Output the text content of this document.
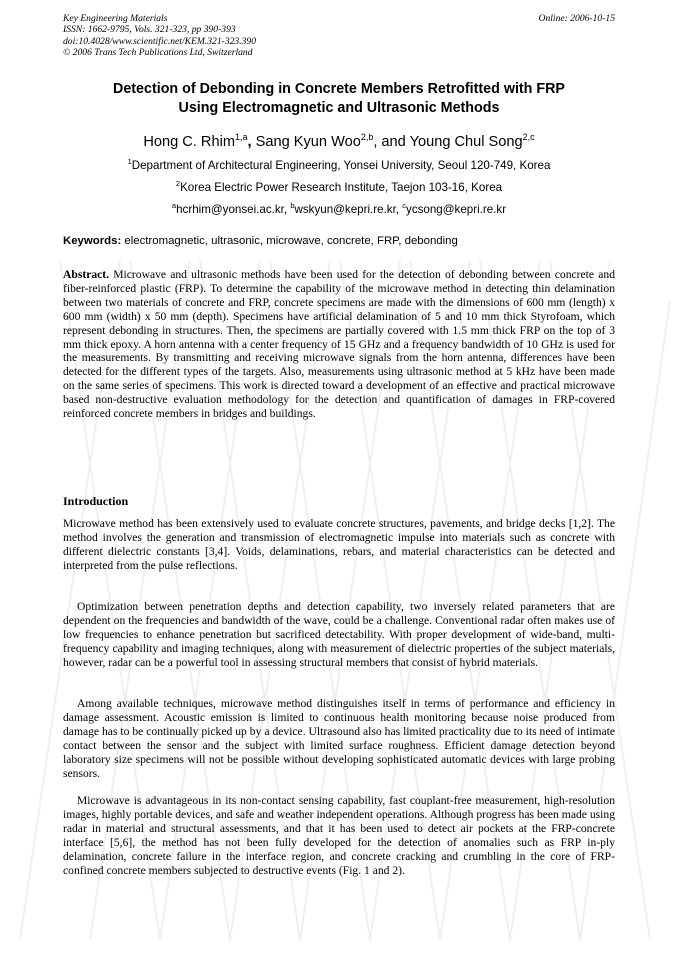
Key Engineering Materials
ISSN: 1662-9795, Vols. 321-323, pp 390-393
doi:10.4028/www.scientific.net/KEM.321-323.390
© 2006 Trans Tech Publications Ltd, Switzerland
Online: 2006-10-15
Detection of Debonding in Concrete Members Retrofitted with FRP
Using Electromagnetic and Ultrasonic Methods
Hong C. Rhim$^{1,a}$, Sang Kyun Woo$^{2,b}$, and Young Chul Song$^{2,c}$
$^1$Department of Architectural Engineering, Yonsei University, Seoul 120-749, Korea
$^2$Korea Electric Power Research Institute, Taejon 103-16, Korea
$^a$hcrhim@yonsei.ac.kr, $^b$wskyun@kepri.re.kr, $^c$ycsong@kepri.re.kr
Keywords: electromagnetic, ultrasonic, microwave, concrete, FRP, debonding
Abstract. Microwave and ultrasonic methods have been used for the detection of debonding between concrete and fiber-reinforced plastic (FRP). To determine the capability of the microwave method in detecting thin delamination between two materials of concrete and FRP, concrete specimens are made with the dimensions of 600 mm (length) x 600 mm (width) x 50 mm (depth). Specimens have artificial delamination of 5 and 10 mm thick Styrofoam, which represent debonding in structures. Then, the specimens are partially covered with 1.5 mm thick FRP on the top of 3 mm thick epoxy. A horn antenna with a center frequency of 15 GHz and a frequency bandwidth of 10 GHz is used for the measurements. By transmitting and receiving microwave signals from the horn antenna, differences have been detected for the different types of the targets. Also, measurements using ultrasonic method at 5 kHz have been made on the same series of specimens. This work is directed toward a development of an effective and practical microwave based non-destructive evaluation methodology for the detection and quantification of damages in FRP-covered reinforced concrete members in bridges and buildings.
Introduction
Microwave method has been extensively used to evaluate concrete structures, pavements, and bridge decks [1,2]. The method involves the generation and transmission of electromagnetic impulse into materials such as concrete with different dielectric constants [3,4]. Voids, delaminations, rebars, and material characteristics can be detected and interpreted from the pulse reflections.
Optimization between penetration depths and detection capability, two inversely related parameters that are dependent on the frequencies and bandwidth of the wave, could be a challenge. Conventional radar often makes use of low frequencies to enhance penetration but sacrificed detectability. With proper development of wide-band, multi-frequency capability and imaging techniques, along with measurement of dielectric properties of the subject materials, however, radar can be a powerful tool in assessing structural members that consist of hybrid materials.
Among available techniques, microwave method distinguishes itself in terms of performance and efficiency in damage assessment. Acoustic emission is limited to continuous health monitoring because noise produced from damage has to be continually picked up by a device. Ultrasound also has limited practicality due to its need of intimate contact between the sensor and the subject with limited surface roughness. Efficient damage detection beyond laboratory size specimens will not be possible without developing sophisticated automatic devices with large probing sensors.
Microwave is advantageous in its non-contact sensing capability, fast couplant-free measurement, high-resolution images, highly portable devices, and safe and weather independent operations. Although progress has been made using radar in material and structural assessments, and that it has been used to detect air pockets at the FRP-concrete interface [5,6], the method has not been fully developed for the detection of anomalies such as FRP in-ply delamination, concrete failure in the interface region, and concrete cracking and crumbling in the core of FRP-confined concrete members subjected to destructive events (Fig. 1 and 2).
